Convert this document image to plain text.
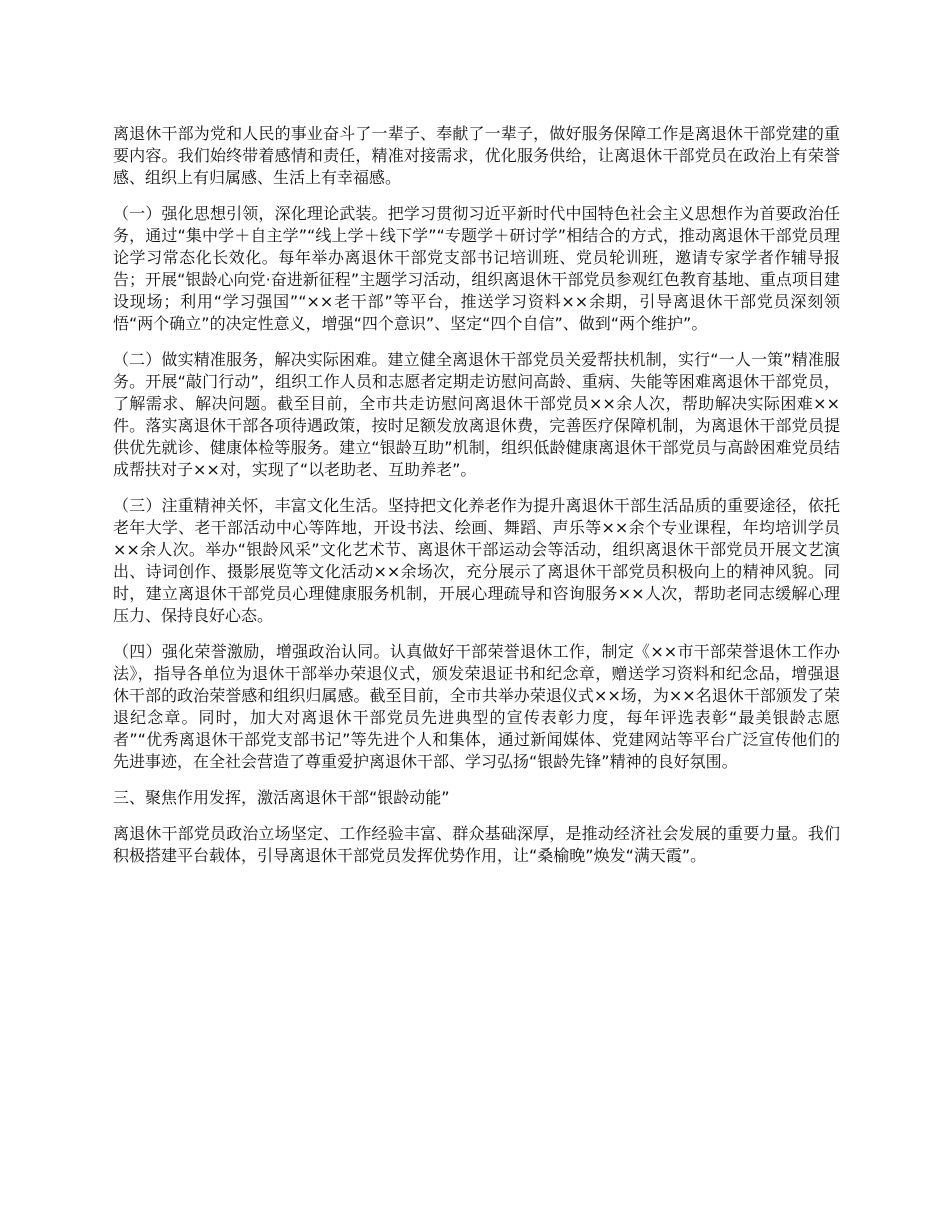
离退休干部为党和人民的事业奋斗了一辈子、奉献了一辈子，做好服务保障工作是离退休干部党建的重要内容。我们始终带着感情和责任，精准对接需求，优化服务供给，让离退休干部党员在政治上有荣誉感、组织上有归属感、生活上有幸福感。

（一）强化思想引领，深化理论武装。把学习贯彻习近平新时代中国特色社会主义思想作为首要政治任务，通过“集中学＋自主学”“线上学＋线下学”“专题学＋研讨学”相结合的方式，推动离退休干部党员理论学习常态化长效化。每年举办离退休干部党支部书记培训班、党员轮训班，邀请专家学者作辅导报告；开展“银龄心向党·奋进新征程”主题学习活动，组织离退休干部党员参观红色教育基地、重点项目建设现场；利用“学习强国”“××老干部”等平台，推送学习资料××余期，引导离退休干部党员深刻领悟“两个确立”的决定性意义，增强“四个意识”、坚定“四个自信”、做到“两个维护”。

（二）做实精准服务，解决实际困难。建立健全离退休干部党员关爱帮扶机制，实行“一人一策”精准服务。开展“敲门行动”，组织工作人员和志愿者定期走访慰问高龄、重病、失能等困难离退休干部党员，了解需求、解决问题。截至目前，全市共走访慰问离退休干部党员××余人次，帮助解决实际困难××件。落实离退休干部各项待遇政策，按时足额发放离退休费，完善医疗保障机制，为离退休干部党员提供优先就诊、健康体检等服务。建立“银龄互助”机制，组织低龄健康离退休干部党员与高龄困难党员结成帮扶对子××对，实现了“以老助老、互助养老”。

（三）注重精神关怀，丰富文化生活。坚持把文化养老作为提升离退休干部生活品质的重要途径，依托老年大学、老干部活动中心等阵地，开设书法、绘画、舞蹈、声乐等××余个专业课程，年均培训学员××余人次。举办“银龄风采”文化艺术节、离退休干部运动会等活动，组织离退休干部党员开展文艺演出、诗词创作、摄影展览等文化活动××余场次，充分展示了离退休干部党员积极向上的精神风貌。同时，建立离退休干部党员心理健康服务机制，开展心理疏导和咨询服务××人次，帮助老同志缓解心理压力、保持良好心态。

（四）强化荣誉激励，增强政治认同。认真做好干部荣誉退休工作，制定《××市干部荣誉退休工作办法》，指导各单位为退休干部举办荣退仪式，颁发荣退证书和纪念章，赠送学习资料和纪念品，增强退休干部的政治荣誉感和组织归属感。截至目前，全市共举办荣退仪式××场，为××名退休干部颁发了荣退纪念章。同时，加大对离退休干部党员先进典型的宣传表彰力度，每年评选表彰“最美银龄志愿者”“优秀离退休干部党支部书记”等先进个人和集体，通过新闻媒体、党建网站等平台广泛宣传他们的先进事迹，在全社会营造了尊重爱护离退休干部、学习弘扬“银龄先锋”精神的良好氛围。

三、聚焦作用发挥，激活离退休干部“银龄动能”

离退休干部党员政治立场坚定、工作经验丰富、群众基础深厚，是推动经济社会发展的重要力量。我们积极搭建平台载体，引导离退休干部党员发挥优势作用，让“桑榆晚”焕发“满天霞”。
